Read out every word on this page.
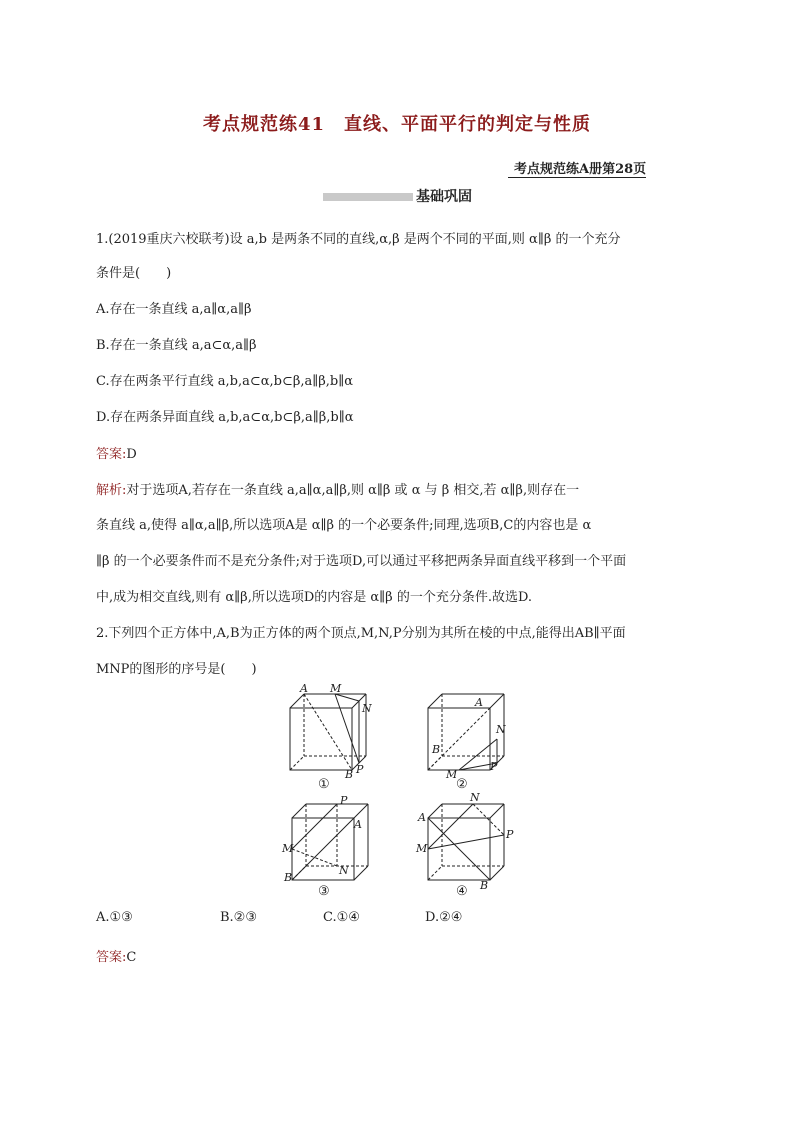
考点规范练41　直线、平面平行的判定与性质
考点规范练A册第28页
基础巩固
1.(2019重庆六校联考)设 a,b 是两条不同的直线,α,β 是两个不同的平面,则 α∥β 的一个充分
条件是(　　)
A.存在一条直线 a,a∥α,a∥β
B.存在一条直线 a,a⊂α,a∥β
C.存在两条平行直线 a,b,a⊂α,b⊂β,a∥β,b∥α
D.存在两条异面直线 a,b,a⊂α,b⊂β,a∥β,b∥α
答案:D
解析:对于选项A,若存在一条直线 a,a∥α,a∥β,则 α∥β 或 α 与 β 相交,若 α∥β,则存在一
条直线 a,使得 a∥α,a∥β,所以选项A是 α∥β 的一个必要条件;同理,选项B,C的内容也是 α
∥β 的一个必要条件而不是充分条件;对于选项D,可以通过平移把两条异面直线平移到一个平面
中,成为相交直线,则有 α∥β,所以选项D的内容是 α∥β 的一个充分条件.故选D.
2.下列四个正方体中,A,B为正方体的两个顶点,M,N,P分别为其所在棱的中点,能得出AB∥平面
MNP的图形的序号是(　　)
A M
N
B P
①
A
N
B
M
P
②
P
A
M
N
B
③
N
A
P
M
B
④
A.①③	B.②③	C.①④	D.②④
答案:C
